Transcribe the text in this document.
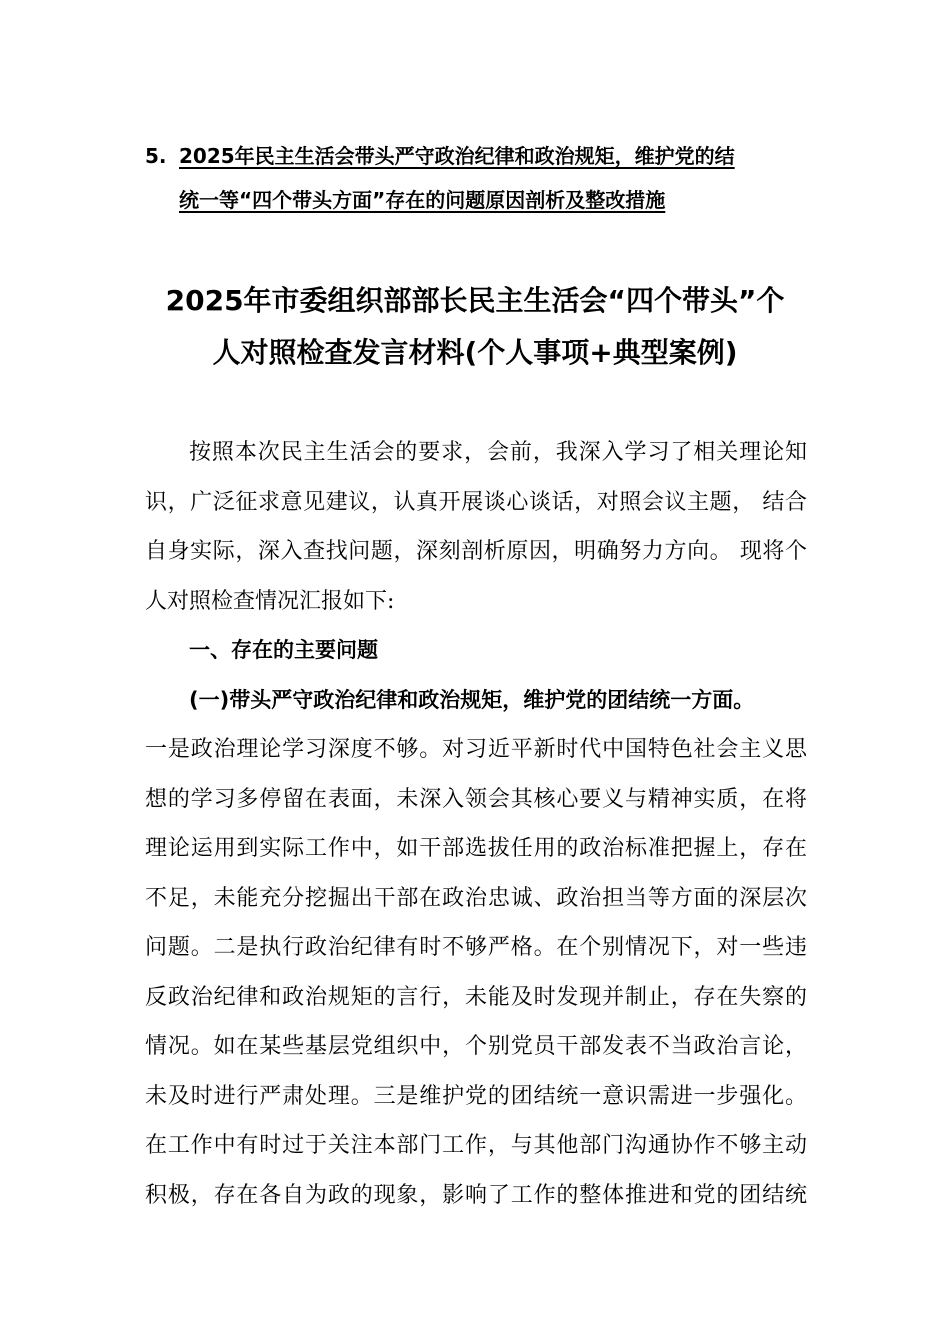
5. 2025年民主生活会带头严守政治纪律和政治规矩，维护党的结
统一等“四个带头方面”存在的问题原因剖析及整改措施
2025年市委组织部部长民主生活会“四个带头”个
人对照检查发言材料(个人事项+典型案例)
按照本次民主生活会的要求，会前，我深入学习了相关理论知
识，广泛征求意见建议，认真开展谈心谈话，对照会议主题， 结合
自身实际，深入查找问题，深刻剖析原因，明确努力方向。 现将个
人对照检查情况汇报如下:
一、存在的主要问题
(一)带头严守政治纪律和政治规矩，维护党的团结统一方面。
一是政治理论学习深度不够。对习近平新时代中国特色社会主义思
想的学习多停留在表面，未深入领会其核心要义与精神实质，在将
理论运用到实际工作中，如干部选拔任用的政治标准把握上，存在
不足，未能充分挖掘出干部在政治忠诚、政治担当等方面的深层次
问题。二是执行政治纪律有时不够严格。在个别情况下，对一些违
反政治纪律和政治规矩的言行，未能及时发现并制止，存在失察的
情况。如在某些基层党组织中，个别党员干部发表不当政治言论，
未及时进行严肃处理。三是维护党的团结统一意识需进一步强化。
在工作中有时过于关注本部门工作，与其他部门沟通协作不够主动
积极，存在各自为政的现象，影响了工作的整体推进和党的团结统
